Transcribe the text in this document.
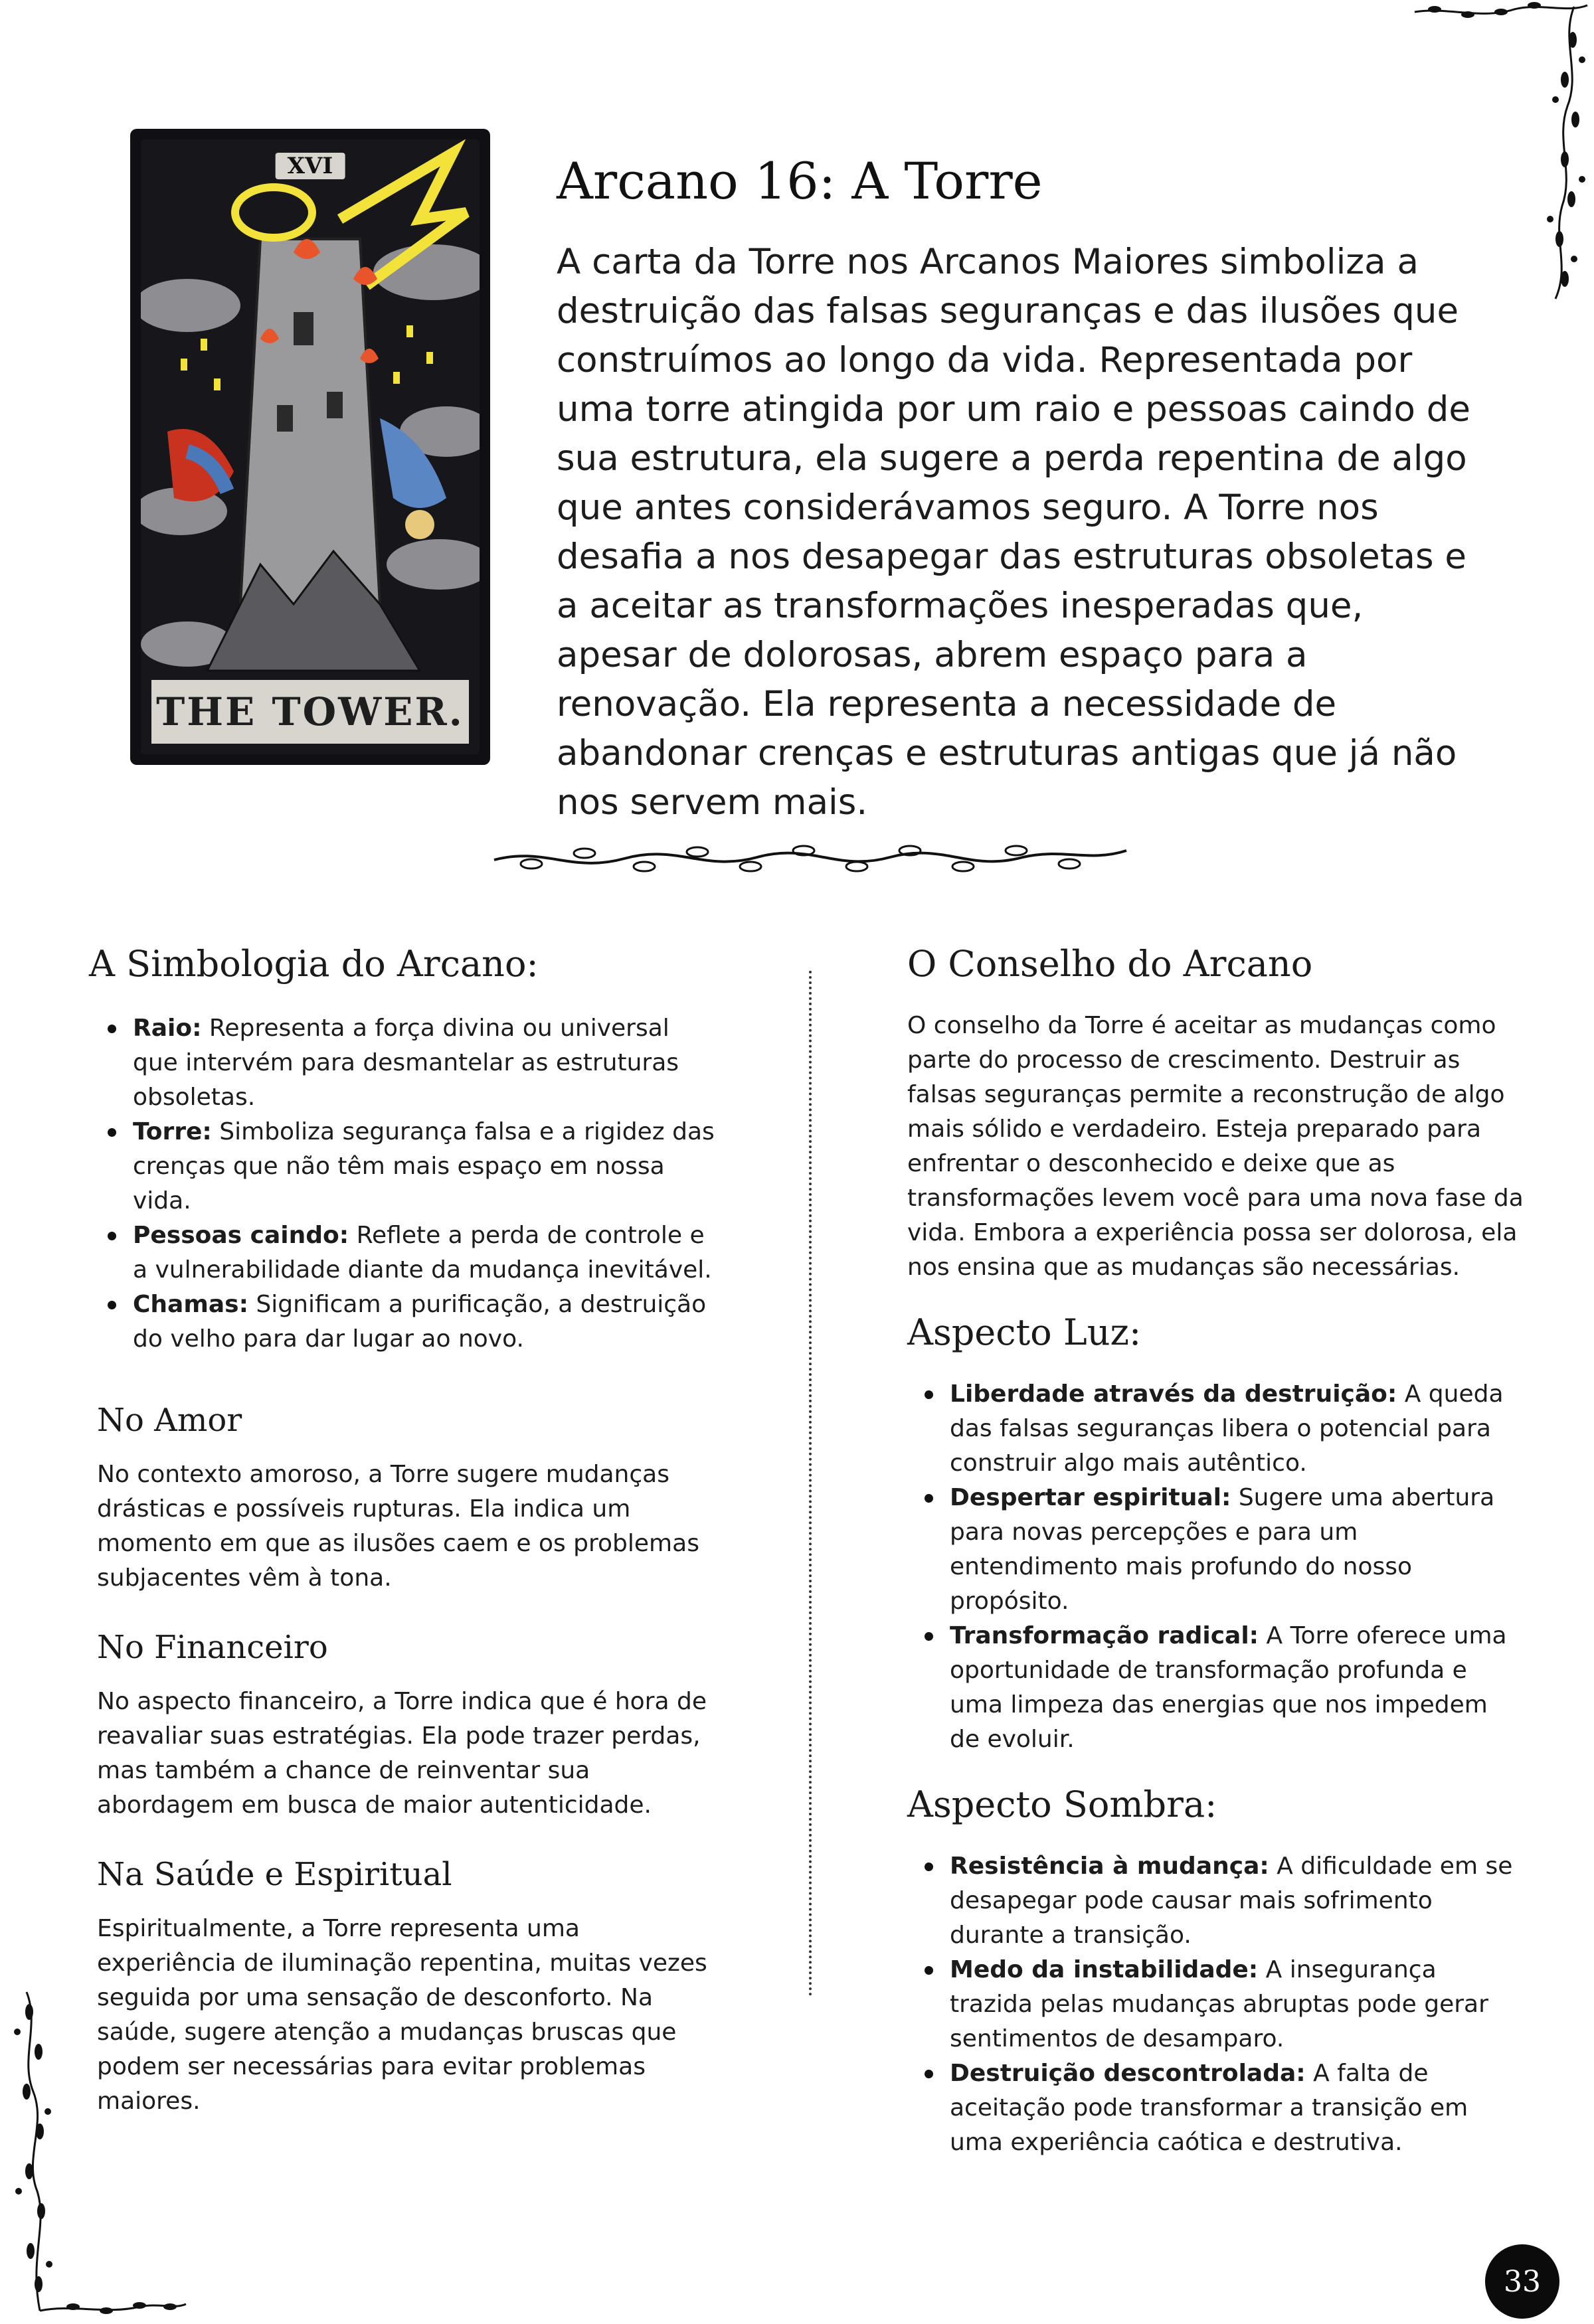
XVI
THE TOWER.
Arcano 16: A Torre

A carta da Torre nos Arcanos Maiores simboliza a destruição das falsas seguranças e das ilusões que construímos ao longo da vida. Representada por uma torre atingida por um raio e pessoas caindo de sua estrutura, ela sugere a perda repentina de algo que antes considerávamos seguro. A Torre nos desafia a nos desapegar das estruturas obsoletas e a aceitar as transformações inesperadas que, apesar de dolorosas, abrem espaço para a renovação. Ela representa a necessidade de abandonar crenças e estruturas antigas que já não nos servem mais.

A Simbologia do Arcano:
Raio: Representa a força divina ou universal que intervém para desmantelar as estruturas obsoletas.
Torre: Simboliza segurança falsa e a rigidez das crenças que não têm mais espaço em nossa vida.
Pessoas caindo: Reflete a perda de controle e a vulnerabilidade diante da mudança inevitável.
Chamas: Significam a purificação, a destruição do velho para dar lugar ao novo.
No Amor

No contexto amoroso, a Torre sugere mudanças drásticas e possíveis rupturas. Ela indica um momento em que as ilusões caem e os problemas subjacentes vêm à tona.

No Financeiro

No aspecto financeiro, a Torre indica que é hora de reavaliar suas estratégias. Ela pode trazer perdas, mas também a chance de reinventar sua abordagem em busca de maior autenticidade.

Na Saúde e Espiritual

Espiritualmente, a Torre representa uma experiência de iluminação repentina, muitas vezes seguida por uma sensação de desconforto. Na saúde, sugere atenção a mudanças bruscas que podem ser necessárias para evitar problemas maiores.

O Conselho do Arcano

O conselho da Torre é aceitar as mudanças como parte do processo de crescimento. Destruir as falsas seguranças permite a reconstrução de algo mais sólido e verdadeiro. Esteja preparado para enfrentar o desconhecido e deixe que as transformações levem você para uma nova fase da vida. Embora a experiência possa ser dolorosa, ela nos ensina que as mudanças são necessárias.

Aspecto Luz:
Liberdade através da destruição: A queda das falsas seguranças libera o potencial para construir algo mais autêntico.
Despertar espiritual: Sugere uma abertura para novas percepções e para um entendimento mais profundo do nosso propósito.
Transformação radical: A Torre oferece uma oportunidade de transformação profunda e uma limpeza das energias que nos impedem de evoluir.
Aspecto Sombra:
Resistência à mudança: A dificuldade em se desapegar pode causar mais sofrimento durante a transição.
Medo da instabilidade: A insegurança trazida pelas mudanças abruptas pode gerar sentimentos de desamparo.
Destruição descontrolada: A falta de aceitação pode transformar a transição em uma experiência caótica e destrutiva.
33
